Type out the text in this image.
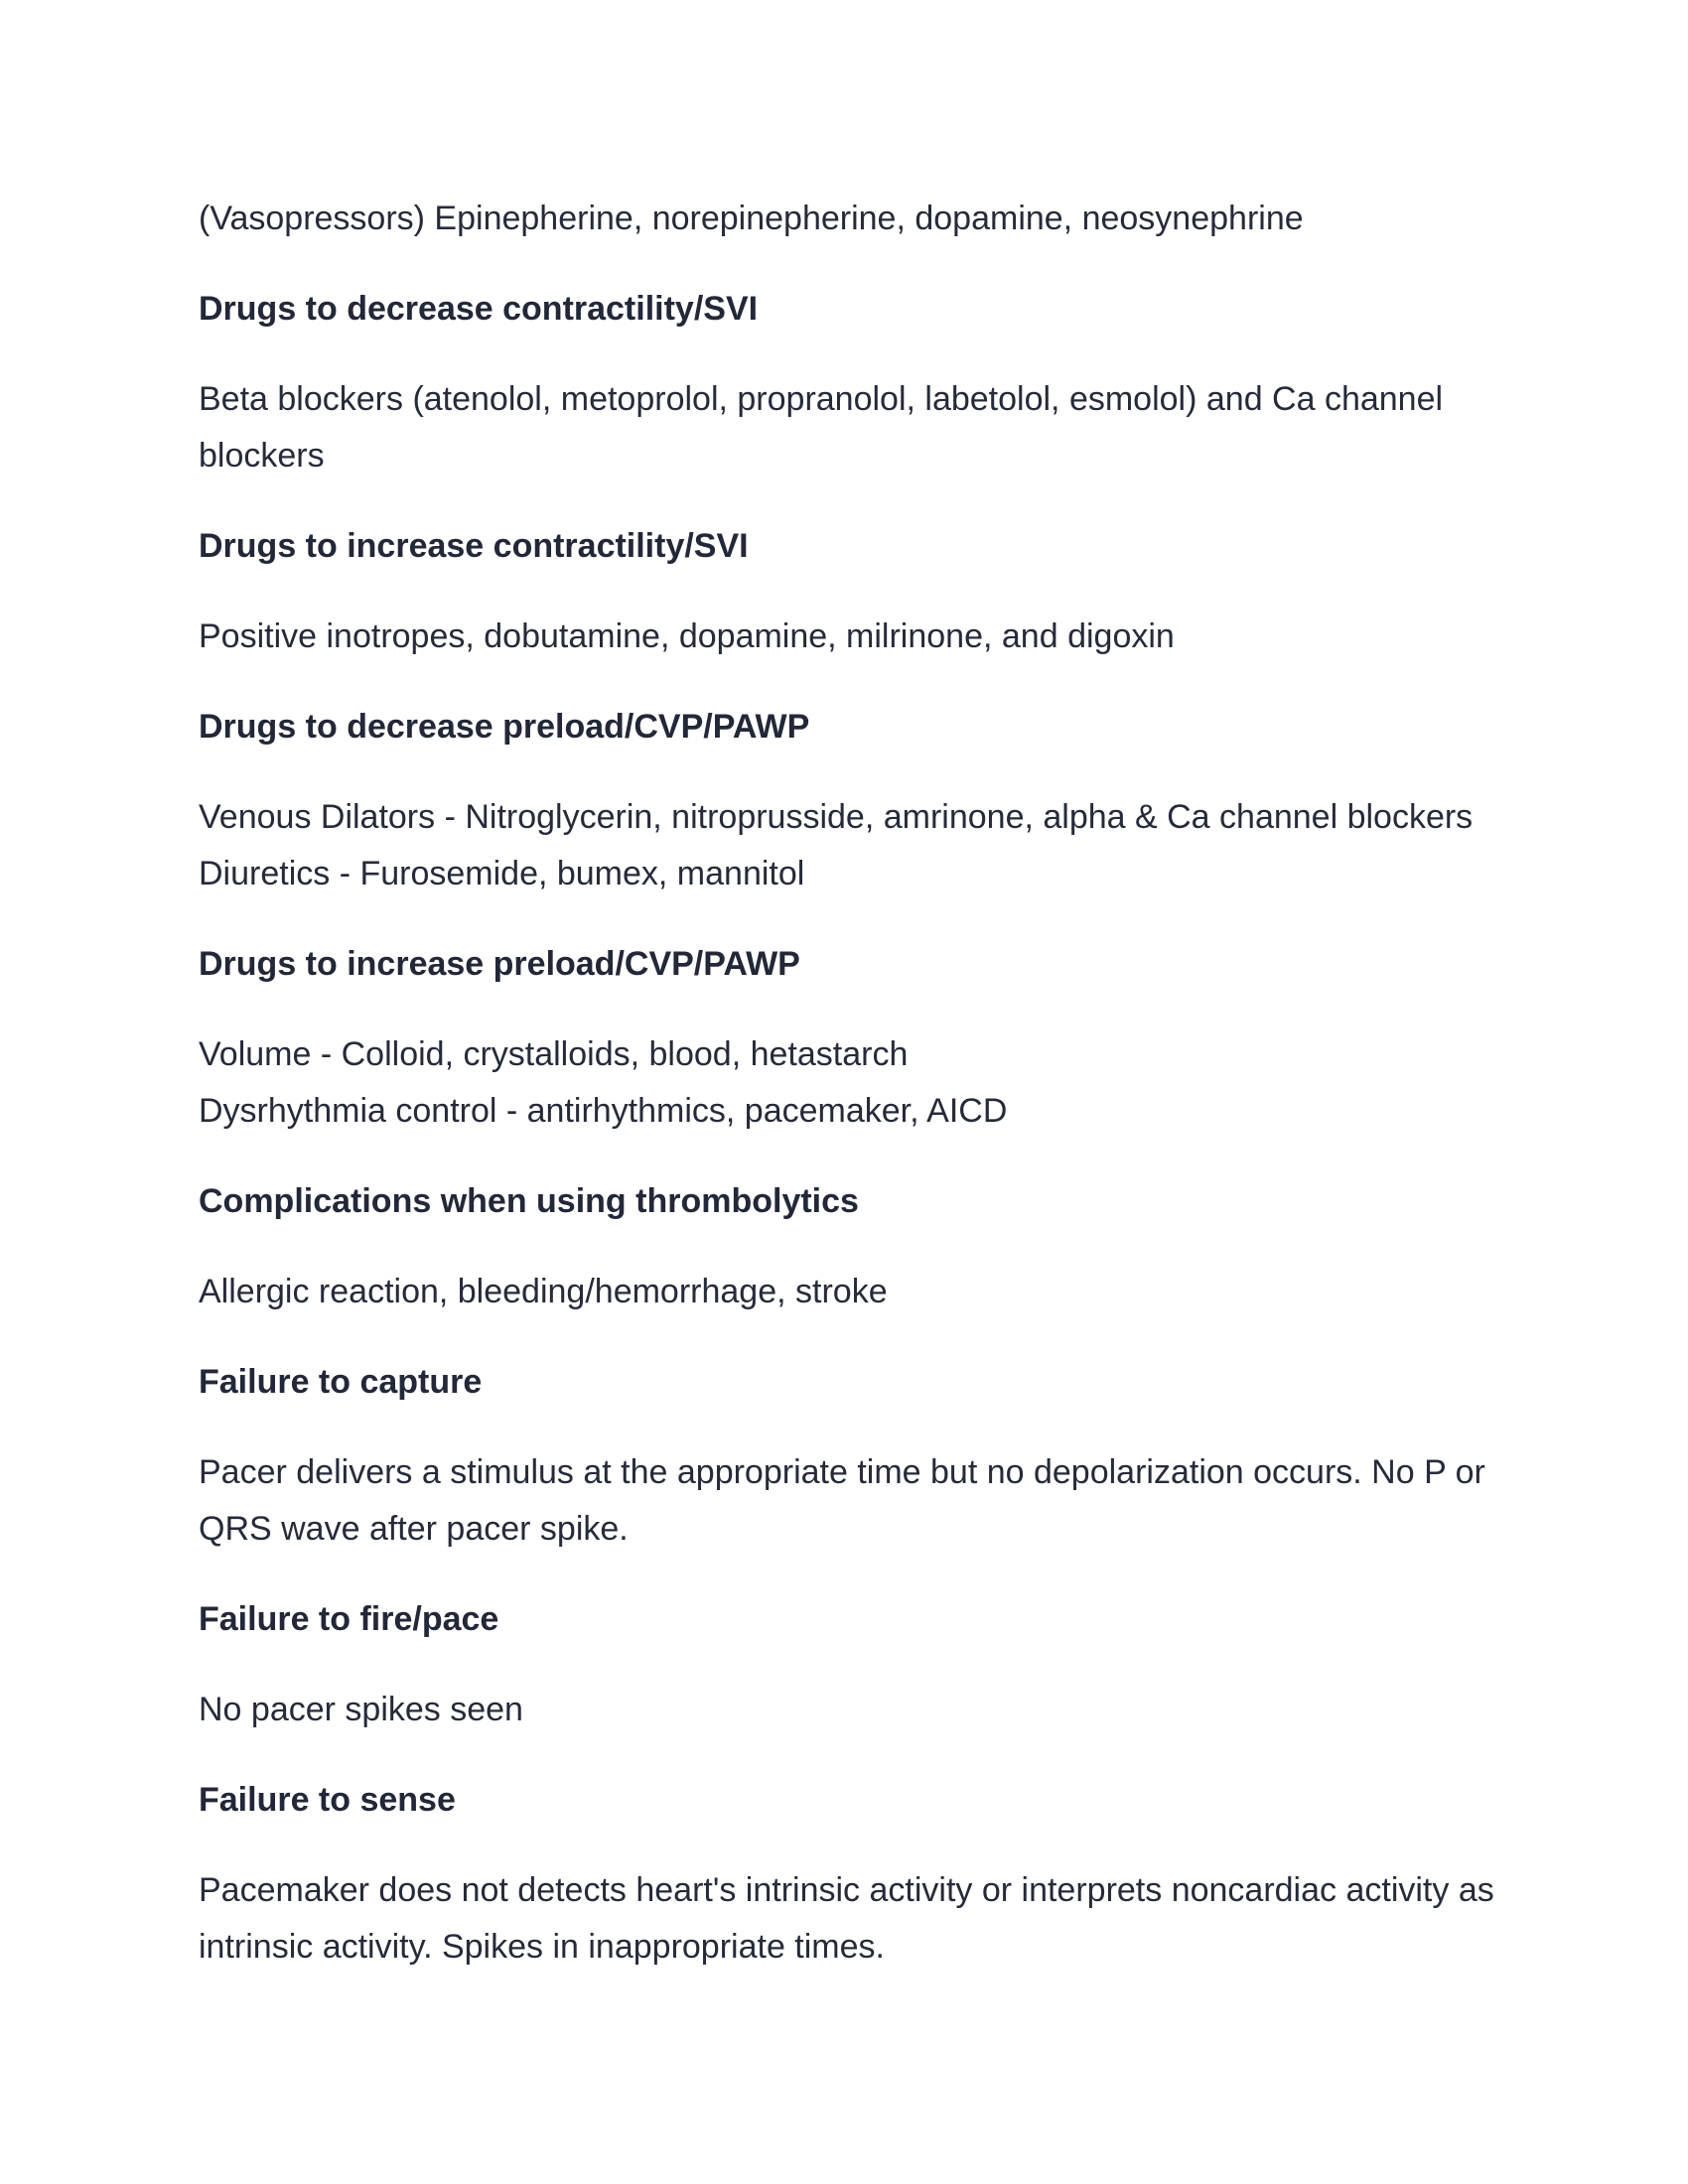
(Vasopressors) Epinepherine, norepinepherine, dopamine, neosynephrine

Drugs to decrease contractility/SVI

Beta blockers (atenolol, metoprolol, propranolol, labetolol, esmolol) and Ca channel
blockers

Drugs to increase contractility/SVI

Positive inotropes, dobutamine, dopamine, milrinone, and digoxin

Drugs to decrease preload/CVP/PAWP

Venous Dilators - Nitroglycerin, nitroprusside, amrinone, alpha & Ca channel blockers
Diuretics - Furosemide, bumex, mannitol

Drugs to increase preload/CVP/PAWP

Volume - Colloid, crystalloids, blood, hetastarch
Dysrhythmia control - antirhythmics, pacemaker, AICD

Complications when using thrombolytics

Allergic reaction, bleeding/hemorrhage, stroke

Failure to capture

Pacer delivers a stimulus at the appropriate time but no depolarization occurs. No P or
QRS wave after pacer spike.

Failure to fire/pace

No pacer spikes seen

Failure to sense

Pacemaker does not detects heart's intrinsic activity or interprets noncardiac activity as
intrinsic activity. Spikes in inappropriate times.
